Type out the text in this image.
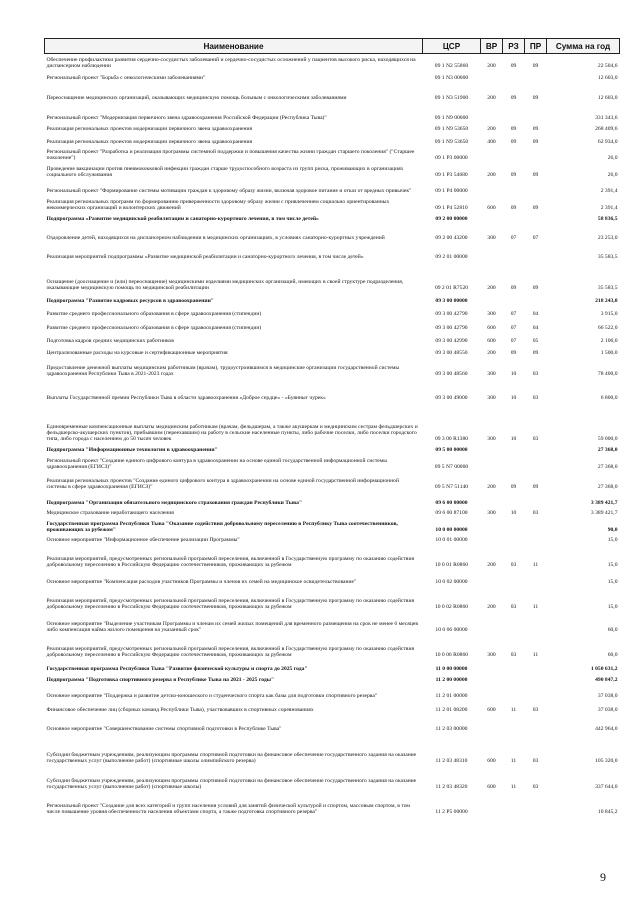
Наименование	ЦСР	ВР	РЗ	ПР	Сумма на год
Обеспечение профилактики развития сердечно-сосудистых заболеваний и сердечно-сосудистых осложнений у пациентов высокого риска, находящихся на диспансерном наблюдении	09 1 N2 55860	200	09	09	22 504,6
Региональный проект "Борьба с онкологическими заболеваниями"	09 1 N3 00000				12 603,0
Переоснащение медицинских организаций, оказывающих медицинскую помощь больным с онкологическими заболеваниями	09 1 N3 51900	200	09	09	12 603,0
Региональный проект "Модернизация первичного звена здравоохранения Российской Федерации (Республика Тыва)"	09 1 N9 00000				331 343,6
Реализация региональных проектов модернизации первичного звена здравоохранения	09 1 N9 53650	200	09	09	268 409,6
Реализация региональных проектов модернизации первичного звена здравоохранения	09 1 N9 53650	400	09	09	62 934,0
Региональный проект "Разработка и реализация программы системной поддержки и повышения качества жизни граждан старшего поколения" ("Старшее поколение")	09 1 P3 00000				26,0
Проведение вакцинации против пневмококковой инфекции граждан старше трудоспособного возраста из групп риска, проживающих в организациях социального обслуживания	09 1 P3 54680	200	09	09	26,0
Региональный проект "Формирование системы мотивации граждан к здоровому образу жизни, включая здоровое питание и отказ от вредных привычек"	09 1 P4 00000				2 391,4
Реализация региональных программ по формированию приверженности здоровому образу жизни с привлечением социально ориентированных некоммерческих организаций и волонтерских движений	09 1 P4 52810	600	09	09	2 391,4
Подпрограмма «Развитие медицинской реабилитации и санаторно-курортного лечения, в том числе детей»	09 2 00 00000				58 836,5
Оздоровление детей, находящихся на диспансерном наблюдении в медицинских организациях, в условиях санаторно-курортных учреждений	09 2 00 43200	300	07	07	23 253,0
Реализация мероприятий подпрограммы «Развитие медицинской реабилитации и санаторно-курортного лечения, в том числе детей»	09 2 01 00000				35 583,5
Оснащение (дооснащение и (или) переоснащение) медицинскими изделиями медицинских организаций, имеющих в своей структуре подразделения, оказывающие медицинскую помощь по медицинской реабилитации	09 2 01 R7520	200	09	09	35 583,5
Подпрограмма "Развитие кадровых ресурсов в здравоохранении"	09 3 00 00000				218 243,0
Развитие среднего профессионального образования в сфере здравоохранения (стипендии)	09 3 00 42790	300	07	04	3 915,0
Развитие среднего профессионального образования в сфере здравоохранения (стипендии)	09 3 00 42790	600	07	04	66 522,0
Подготовка кадров средних медицинских работников	09 3 00 42990	600	07	05	2 106,0
Централизованные расходы на курсовые и сертификационные мероприятия	09 3 00 48550	200	09	09	1 500,0
Предоставление денежной выплаты медицинским работникам (врачам), трудоустроившимся в медицинские организации государственной системы здравоохранения Республики Тыва в 2021-2023 годах	09 3 00 48560	300	10	03	78 400,0
Выплаты Государственной премии Республики Тыва в области здравоохранения «Доброе сердце» - «Буянныг чурек»	09 3 00 49000	300	10	03	6 800,0
Единовременные компенсационные выплаты медицинским работникам (врачам, фельдшерам, а также акушеркам и медицинским сестрам фельдшерских и фельдшерско-акушерских пунктов), прибывшим (переехавшим) на работу в сельские населенные пункты, либо рабочие поселки, либо поселки городского типа, либо города с населением до 50 тысяч человек	09 3 00 R1380	300	10	03	59 000,0
Подпрограмма "Информационные технологии в здравоохранении"	09 5 00 00000				27 368,0
Региональный проект "Создание единого цифрового контура в здравоохранении на основе единой государственной информационной системы здравоохранения (ЕГИСЗ)"	09 5 N7 00000				27 368,0
Реализация региональных проектов "Создание единого цифрового контура в здравоохранении на основе единой государственной информационной системы в сфере здравоохранения (ЕГИСЗ)"	09 5 N7 51140	200	09	09	27 368,0
Подпрограмма "Организация обязательного медицинского страхования граждан Республики Тыва"	09 6 00 00000				3 389 421,7
Медицинское страхование неработающего населения	09 6 00 87100	300	10	03	3 389 421,7
Государственная программа Республики Тыва "Оказание содействия добровольному переселению в Республику Тыва соотечественников, проживающих за рубежом"	10 0 00 00000				90,0
Основное мероприятие "Информационное обеспечение реализации Программы"	10 0 01 00000				15,0
Реализация мероприятий, предусмотренных региональной программой переселения, включенной в Государственную программу по оказанию содействия добровольному переселению в Российскую Федерацию соотечественников, проживающих за рубежом	10 0 01 R0860	200	03	11	15,0
Основное мероприятие "Компенсация расходов участников Программы и членов их семей на медицинское освидетельствование"	10 0 02 00000				15,0
Реализация мероприятий, предусмотренных региональной программой переселения, включенной в Государственную программу по оказанию содействия добровольному переселению в Российскую Федерацию соотечественников, проживающих за рубежом	10 0 02 R0860	200	03	11	15,0
Основное мероприятие "Выделение участникам Программы и членам их семей жилых помещений для временного размещения на срок не менее 6 месяцев либо компенсация найма жилого помещения на указанный срок"	10 0 06 00000				60,0
Реализация мероприятий, предусмотренных региональной программой переселения, включенной в Государственную программу по оказанию содействия добровольному переселению в Российскую Федерацию соотечественников, проживающих за рубежом	10 0 06 R0860	300	03	11	60,0
Государственная программа Республики Тыва "Развитие физической культуры и спорта до 2025 года"	11 0 00 00000				1 050 631,2
Подпрограмма "Подготовка спортивного резерва в Республике Тыва на 2021 - 2025 годы"	11 2 00 00000				490 847,2
Основное мероприятие "Поддержка и развитие детско-юношеского и студенческого спорта как базы для подготовки спортивного резерва"	11 2 01 00000				37 038,0
Финансовое обеспечение лиц (сборных команд Республики Тыва), участвовавших в спортивных соревнованиях	11 2 01 08200	600	11	03	37 038,0
Основное мероприятие "Совершенствование системы спортивной подготовки в Республике Тыва"	11 2 03 00000				442 964,0
Субсидии бюджетным учреждениям, реализующим программы спортивной подготовки на финансовое обеспечение государственного задания на оказание государственных услуг (выполнение работ) (спортивные школы олимпийского резерва)	11 2 03 48310	600	11	03	105 320,0
Субсидии бюджетным учреждениям, реализующим программы спортивной подготовки на финансовое обеспечение государственного задания на оказание государственных услуг (выполнение работ) (спортивные школы)	11 2 03 48320	600	11	03	337 644,0
Региональный проект "Создание для всех категорий и групп населения условий для занятий физической культурой и спортом, массовым спортом, в том числе повышение уровня обеспеченности населения объектами спорта, а также подготовка спортивного резерва"	11 2 P5 00000				10 845,2
9
